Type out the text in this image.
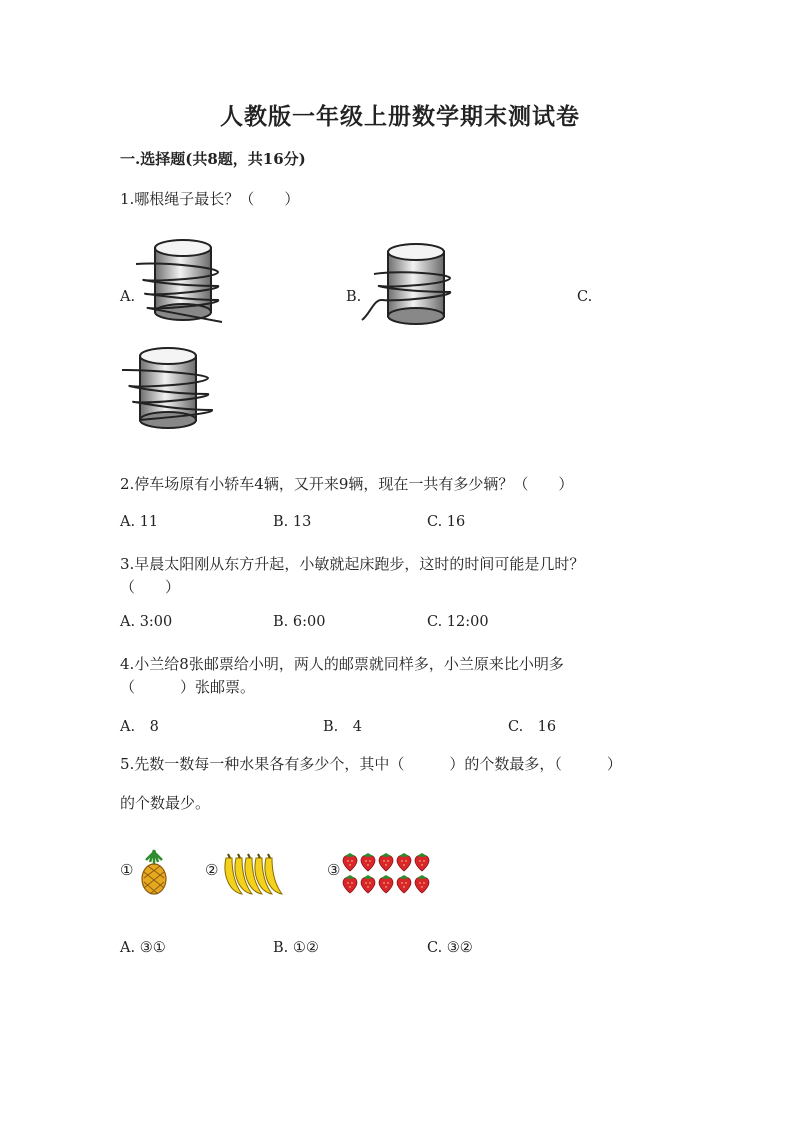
人教版一年级上册数学期末测试卷
一.选择题(共8题，共16分)
1.哪根绳子最长？（　　）
A.	B.	C.
2.停车场原有小轿车4辆，又开来9辆，现在一共有多少辆？（　　）
A. 11	B. 13	C. 16
3.早晨太阳刚从东方升起，小敏就起床跑步，这时的时间可能是几时？
（　　）
A. 3:00	B. 6:00	C. 12:00
4.小兰给8张邮票给小明，两人的邮票就同样多，小兰原来比小明多
（　　　）张邮票。
A.　8	B.　4	C.　16
5.先数一数每一种水果各有多少个，其中（　　　）的个数最多，（　　　）
的个数最少。
①	②	③
A. ③①	B. ①②	C. ③②
